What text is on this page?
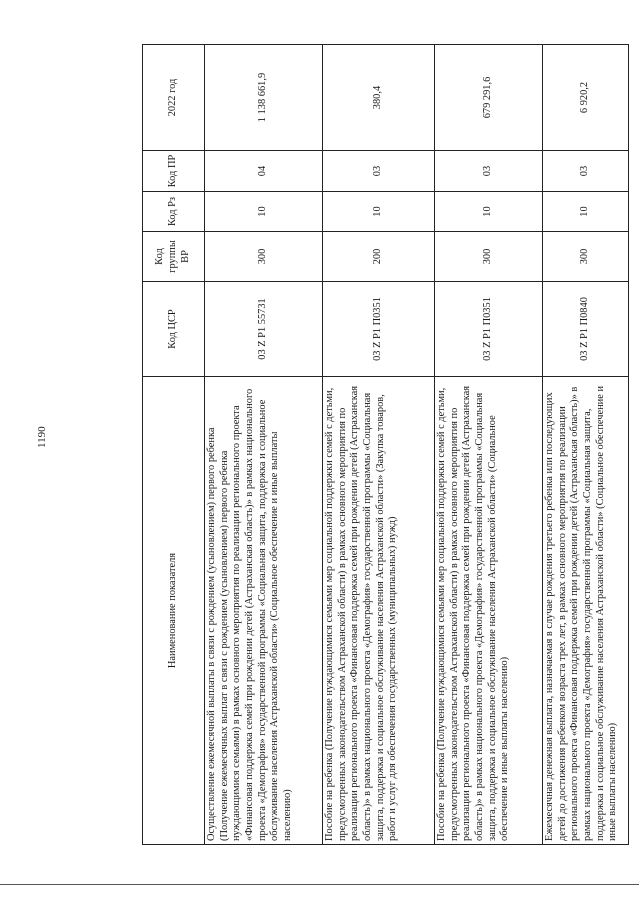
1190
Наименование показателя	Код ЦСР	Код группы ВР	Код Рз	Код ПР	2022 год
Осуществление ежемесячной выплаты в связи с рождением (усыновлением) первого ребенка (Получение ежемесячных выплат в связи с рождением (усыновлением) первого ребенка нуждающимися семьями) в рамках основного мероприятия по реализации регионального проекта «Финансовая поддержка семей при рождении детей (Астраханская область)» в рамках национального проекта «Демография» государственной программы «Социальная защита, поддержка и социальное обслуживание населения Астраханской области» (Социальное обеспечение и иные выплаты населению)	03 Z P1 55731	300	10	04	1 138 661,9
Пособие на ребенка (Получение нуждающимися семьями мер социальной поддержки семей с детьми, предусмотренных законодательством Астраханской области) в рамках основного мероприятия по реализации регионального проекта «Финансовая поддержка семей при рождении детей (Астраханская область)» в рамках национального проекта «Демография» государственной программы «Социальная защита, поддержка и социальное обслуживание населения Астраханской области» (Закупка товаров, работ и услуг для обеспечения государственных (муниципальных) нужд)	03 Z P1 П0351	200	10	03	380,4
Пособие на ребенка (Получение нуждающимися семьями мер социальной поддержки семей с детьми, предусмотренных законодательством Астраханской области) в рамках основного мероприятия по реализации регионального проекта «Финансовая поддержка семей при рождении детей (Астраханская область)» в рамках национального проекта «Демография» государственной программы «Социальная защита, поддержка и социальное обслуживание населения Астраханской области» (Социальное обеспечение и иные выплаты населению)	03 Z P1 П0351	300	10	03	679 291,6
Ежемесячная денежная выплата, назначаемая в случае рождения третьего ребенка или последующих детей до достижения ребенком возраста трех лет, в рамках основного мероприятия по реализации регионального проекта «Финансовая поддержка семей при рождении детей (Астраханская область)» в рамках национального проекта «Демография» государственной программы «Социальная защита, поддержка и социальное обслуживание населения Астраханской области» (Социальное обеспечение и иные выплаты населению)	03 Z P1 П0840	300	10	03	6 920,2
